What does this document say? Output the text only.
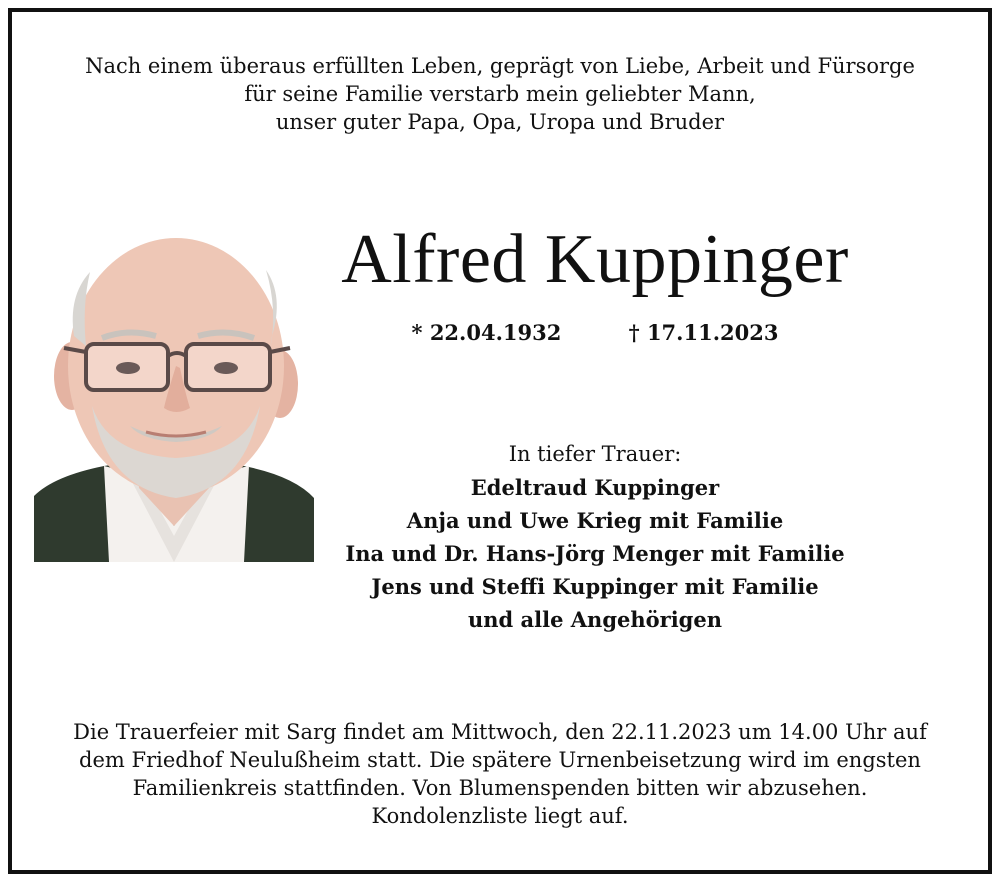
Nach einem überaus erfüllten Leben, geprägt von Liebe, Arbeit und Fürsorge
für seine Familie verstarb mein geliebter Mann,
unser guter Papa, Opa, Uropa und Bruder
Alfred Kuppinger
* 22.04.1932	† 17.11.2023
In tiefer Trauer:
Edeltraud Kuppinger
Anja und Uwe Krieg mit Familie
Ina und Dr. Hans-Jörg Menger mit Familie
Jens und Steffi Kuppinger mit Familie
und alle Angehörigen
Die Trauerfeier mit Sarg findet am Mittwoch, den 22.11.2023 um 14.00 Uhr auf
dem Friedhof Neulußheim statt. Die spätere Urnenbeisetzung wird im engsten
Familienkreis stattfinden. Von Blumenspenden bitten wir abzusehen.
Kondolenzliste liegt auf.
